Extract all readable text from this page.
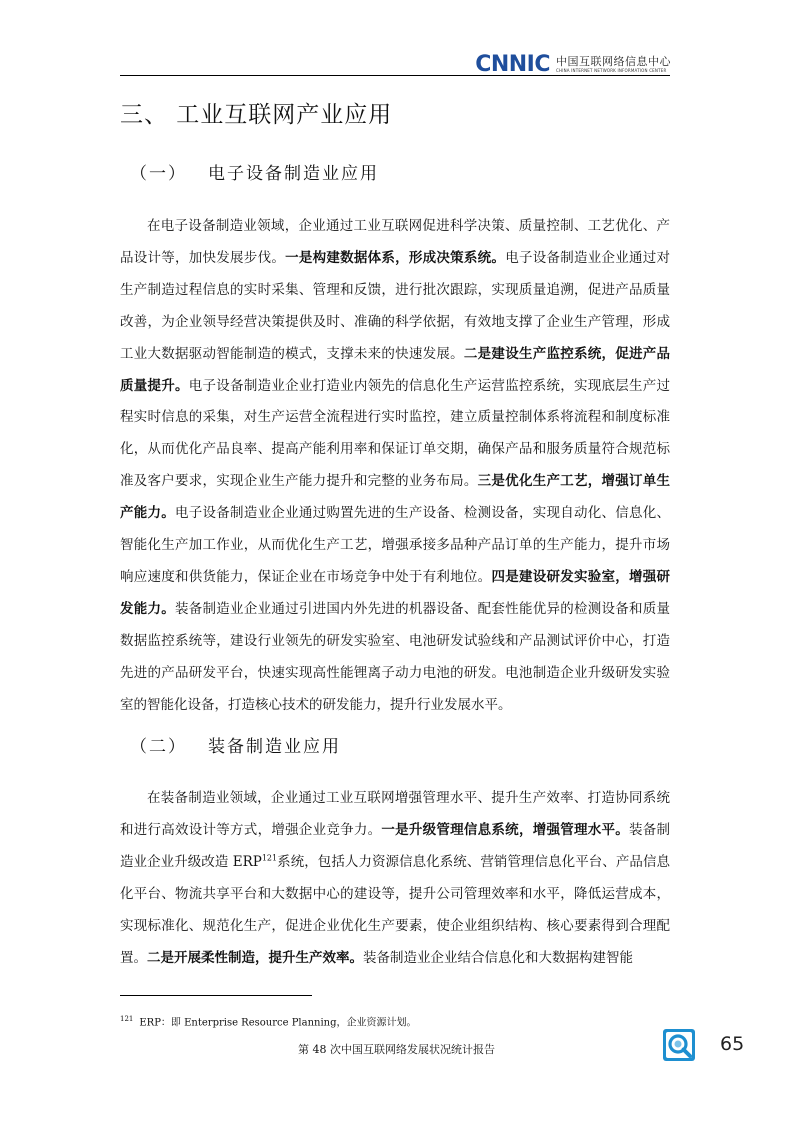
CNNIC 中国互联网络信息中心
CHINA INTERNET NETWORK INFORMATION CENTER
三、 工业互联网产业应用
（一） 电子设备制造业应用

在电子设备制造业领域，企业通过工业互联网促进科学决策、质量控制、工艺优化、产品设计等，加快发展步伐。一是构建数据体系，形成决策系统。电子设备制造业企业通过对生产制造过程信息的实时采集、管理和反馈，进行批次跟踪，实现质量追溯，促进产品质量改善，为企业领导经营决策提供及时、准确的科学依据，有效地支撑了企业生产管理，形成工业大数据驱动智能制造的模式，支撑未来的快速发展。二是建设生产监控系统，促进产品质量提升。电子设备制造业企业打造业内领先的信息化生产运营监控系统，实现底层生产过程实时信息的采集，对生产运营全流程进行实时监控，建立质量控制体系将流程和制度标准化，从而优化产品良率、提高产能利用率和保证订单交期，确保产品和服务质量符合规范标准及客户要求，实现企业生产能力提升和完整的业务布局。三是优化生产工艺，增强订单生产能力。电子设备制造业企业通过购置先进的生产设备、检测设备，实现自动化、信息化、智能化生产加工作业，从而优化生产工艺，增强承接多品种产品订单的生产能力，提升市场响应速度和供货能力，保证企业在市场竞争中处于有利地位。四是建设研发实验室，增强研发能力。装备制造业企业通过引进国内外先进的机器设备、配套性能优异的检测设备和质量数据监控系统等，建设行业领先的研发实验室、电池研发试验线和产品测试评价中心，打造先进的产品研发平台，快速实现高性能锂离子动力电池的研发。电池制造企业升级研发实验室的智能化设备，打造核心技术的研发能力，提升行业发展水平。

（二） 装备制造业应用

在装备制造业领域，企业通过工业互联网增强管理水平、提升生产效率、打造协同系统和进行高效设计等方式，增强企业竞争力。一是升级管理信息系统，增强管理水平。装备制造业企业升级改造 ERP$^{121}$系统，包括人力资源信息化系统、营销管理信息化平台、产品信息化平台、物流共享平台和大数据中心的建设等，提升公司管理效率和水平，降低运营成本，实现标准化、规范化生产，促进企业优化生产要素，使企业组织结构、核心要素得到合理配置。二是开展柔性制造，提升生产效率。装备制造业企业结合信息化和大数据构建智能

$^{121}$ ERP：即 Enterprise Resource Planning，企业资源计划。

第 48 次中国互联网络发展状况统计报告	65
